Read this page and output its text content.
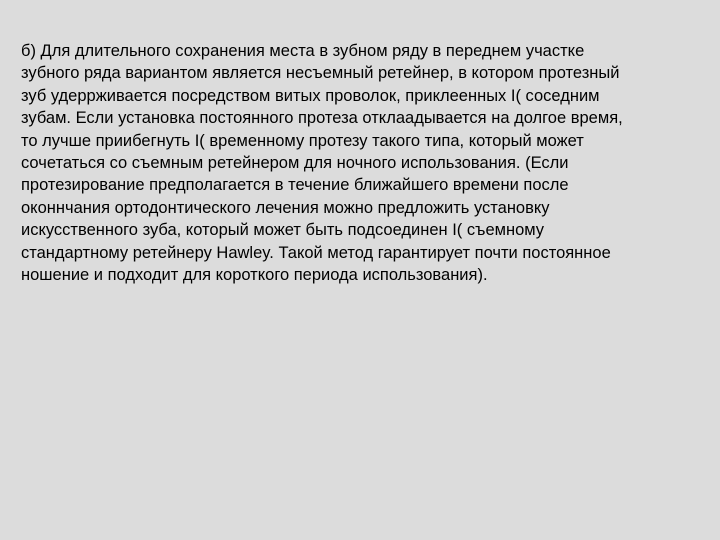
б) Для длительного сохранения места в зубном ряду в переднем участке
зубного ряда вариантом является несъемный ретейнер, в котором протезный
зуб удеррживается посредством витых проволок, приклеенных I( соседним
зубам. Если установка постоянного протеза отклаадывается на долгое время,
то лучше приибегнуть I( временному протезу такого типа, который может
сочетаться со съемным ретейнером для ночного использования. (Если
протезирование предполагается в течение ближайшего времени после
оконнчания ортодонтического лечения можно предложить установку
искусственного зуба, который может быть подсоединен I( съемному
стандартному ретейнеру Hawley. Такой метод гарантирует почти постоянное
ношение и подходит для короткого периода использования).
